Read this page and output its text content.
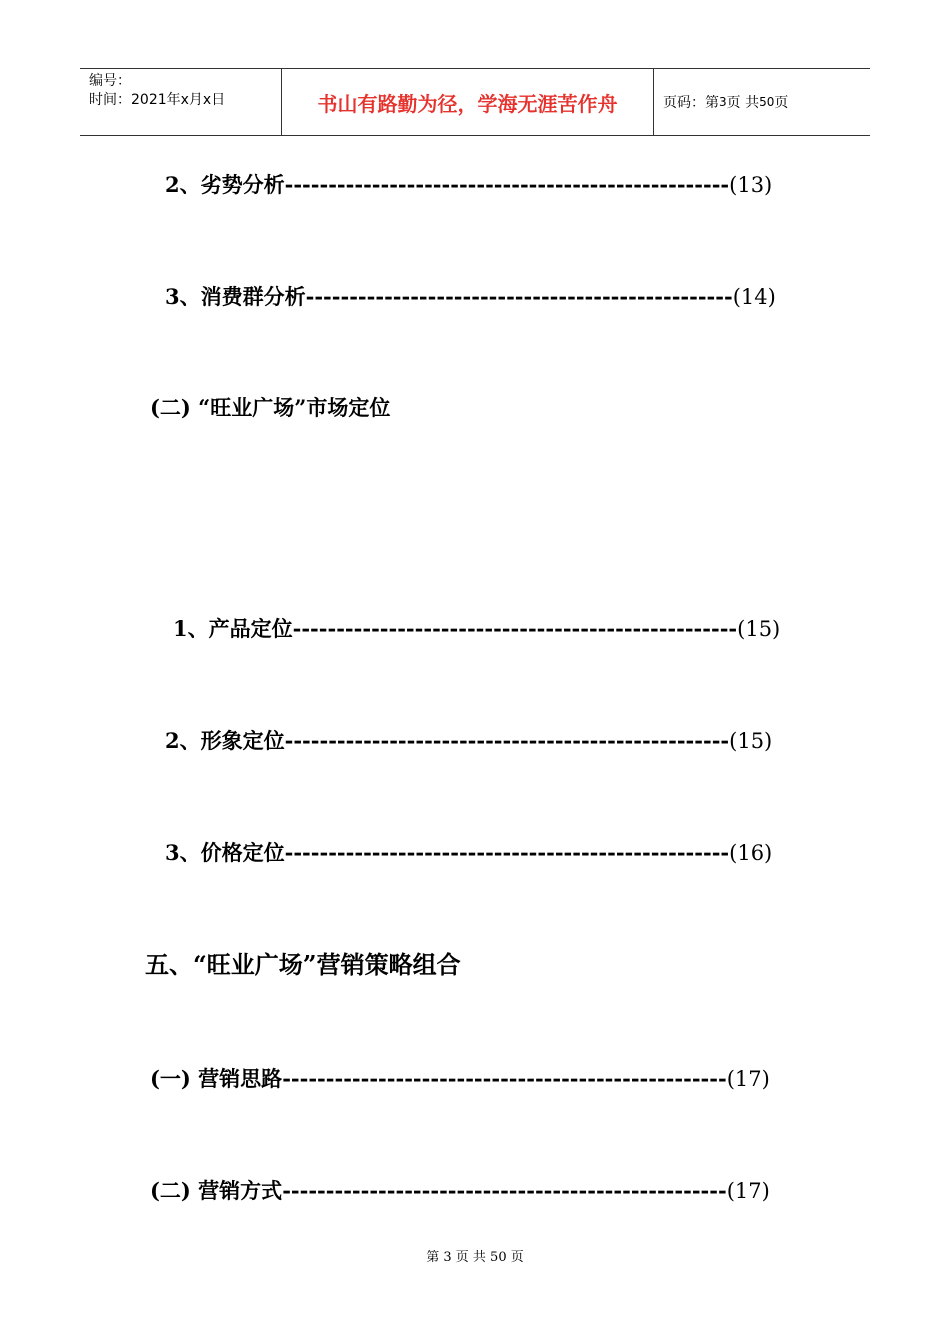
编号：
时间：2021年x月x日	书山有路勤为径，学海无涯苦作舟	页码：第 3 页 共 50 页
2、劣势分析---------------------------------------------------(13)
3、消费群分析-------------------------------------------------(14)
(二) “旺业广场”市场定位
1、产品定位---------------------------------------------------(15)
2、形象定位---------------------------------------------------(15)
3、价格定位---------------------------------------------------(16)
五、“旺业广场”营销策略组合
(一) 营销思路---------------------------------------------------(17)
(二) 营销方式---------------------------------------------------(17)
第 3 页 共 50 页
